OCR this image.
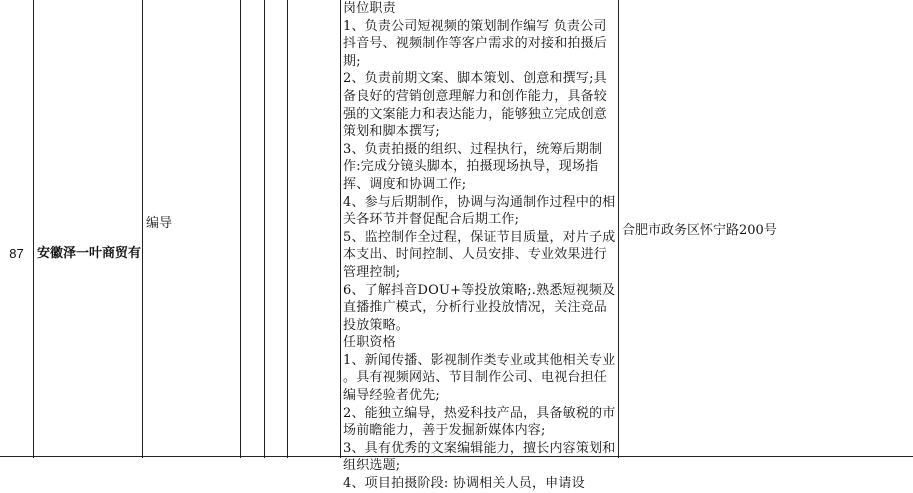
87	安徽泽一叶商贸有
编导
岗位职责
1、负责公司短视频的策划制作编写 负责公司
抖音号、视频制作等客户需求的对接和拍摄后
期;
2、负责前期文案、脚本策划、创意和撰写;具
备良好的营销创意理解力和创作能力，具备较
强的文案能力和表达能力，能够独立完成创意
策划和脚本撰写;
3、负责拍摄的组织、过程执行，统筹后期制
作:完成分镜头脚本，拍摄现场执导，现场指
挥、调度和协调工作;
4、参与后期制作，协调与沟通制作过程中的相
关各环节并督促配合后期工作;
5、监控制作全过程，保证节目质量，对片子成
本支出、时间控制、人员安排、专业效果进行
管理控制;
6、了解抖音DOU+等投放策略;.熟悉短视频及
直播推广模式，分析行业投放情况，关注竞品
投放策略。
任职资格
1、新闻传播、影视制作类专业或其他相关专业
。具有视频网站、节目制作公司、电视台担任
编导经验者优先;
2、能独立编导，热爱科技产品，具备敏税的市
场前瞻能力，善于发掘新媒体内容;
3、具有优秀的文案编辑能力，擅长内容策划和
组织选题;
4、项目拍摄阶段: 协调相关人员，申请设
合肥市政务区怀宁路200号
